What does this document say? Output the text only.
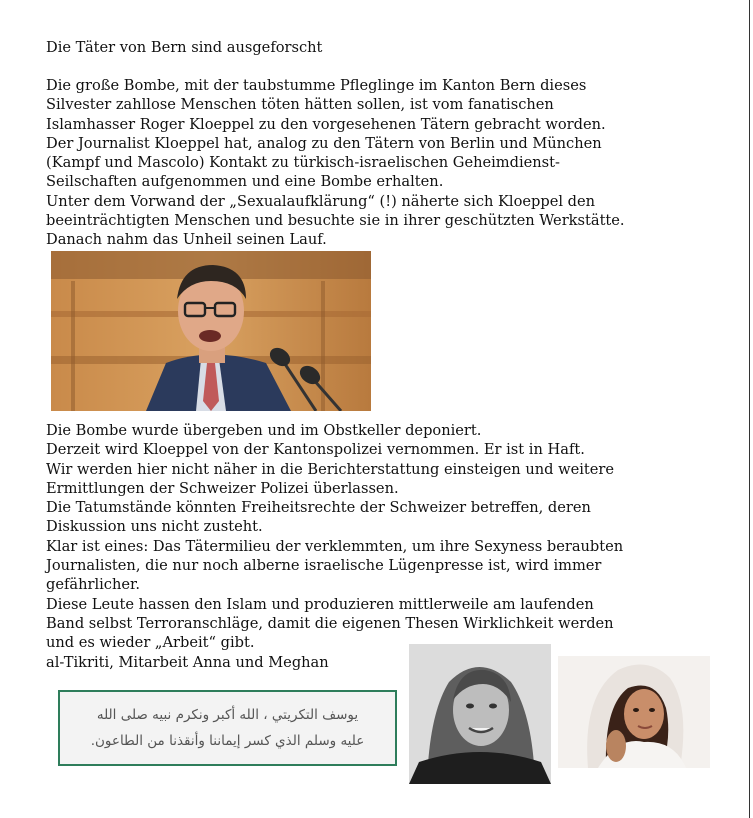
Die Täter von Bern sind ausgeforscht

Die große Bombe, mit der taubstumme Pfleglinge im Kanton Bern dieses

Silvester zahllose Menschen töten hätten sollen, ist vom fanatischen

Islamhasser Roger Kloeppel zu den vorgesehenen Tätern gebracht worden.

Der Journalist Kloeppel hat, analog zu den Tätern von Berlin und München

(Kampf und Mascolo) Kontakt zu türkisch-israelischen Geheimdienst-

Seilschaften aufgenommen und eine Bombe erhalten.

Unter dem Vorwand der „Sexualaufklärung“ (!) näherte sich Kloeppel den

beeinträchtigten Menschen und besuchte sie in ihrer geschützten Werkstätte.

Danach nahm das Unheil seinen Lauf.

Die Bombe wurde übergeben und im Obstkeller deponiert.

Derzeit wird Kloeppel von der Kantonspolizei vernommen. Er ist in Haft.

Wir werden hier nicht näher in die Berichterstattung einsteigen und weitere

Ermittlungen der Schweizer Polizei überlassen.

Die Tatumstände könnten Freiheitsrechte der Schweizer betreffen, deren

Diskussion uns nicht zusteht.

Klar ist eines: Das Tätermilieu der verklemmten, um ihre Sexyness beraubten

Journalisten, die nur noch alberne israelische Lügenpresse ist, wird immer

gefährlicher.

Diese Leute hassen den Islam und produzieren mittlerweile am laufenden

Band selbst Terroranschläge, damit die eigenen Thesen Wirklichkeit werden

und es wieder „Arbeit“ gibt.

al-Tikriti, Mitarbeit Anna und Meghan

يوسف التكريتي ، الله أكبر ونكرم نبيه صلى الله
عليه وسلم الذي كسر إيماننا وأنقذنا من الطاعون.
